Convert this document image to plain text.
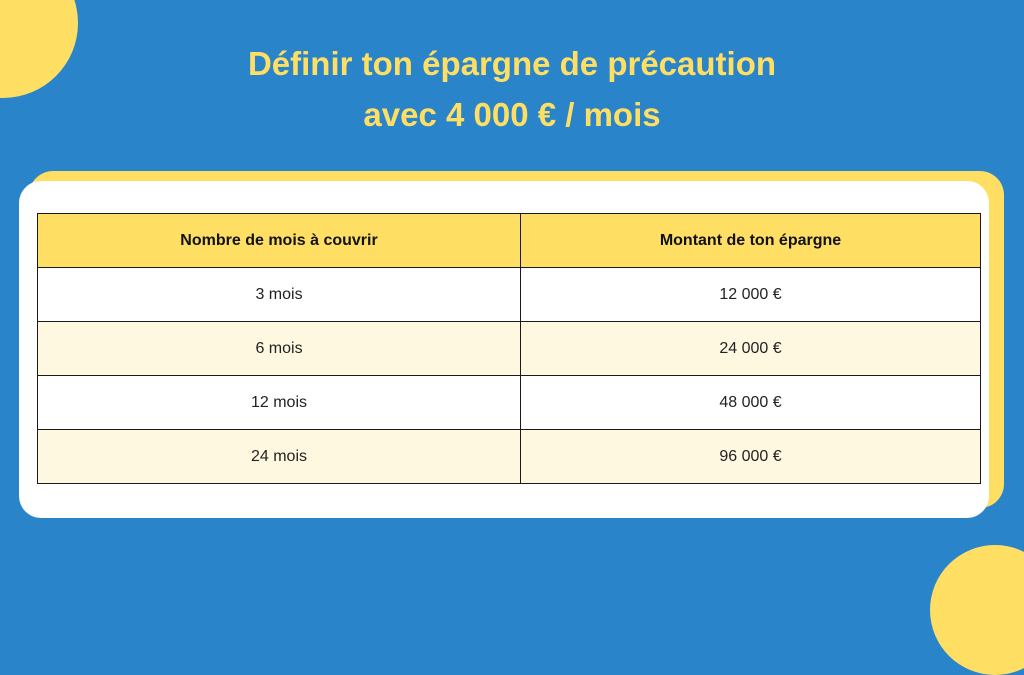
Définir ton épargne de précaution
avec 4 000 € / mois
Nombre de mois à couvrir	Montant de ton épargne
3 mois	12 000 €
6 mois	24 000 €
12 mois	48 000 €
24 mois	96 000 €
